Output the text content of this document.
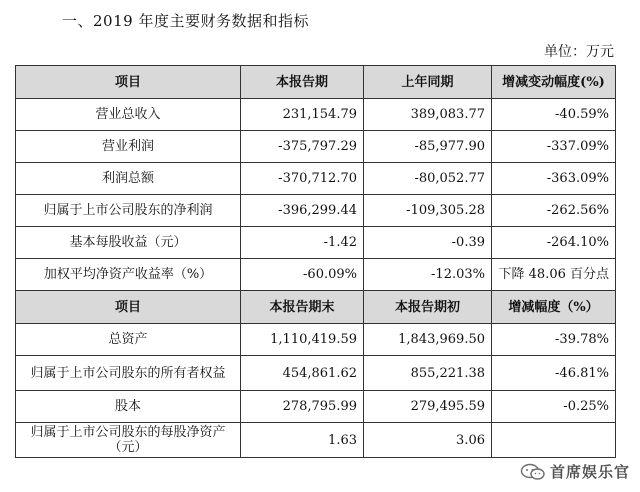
一、2019 年度主要财务数据和指标
单位：万元
项目	本报告期	上年同期	增减变动幅度(%)
营业总收入	231,154.79	389,083.77	-40.59%
营业利润	-375,797.29	-85,977.90	-337.09%
利润总额	-370,712.70	-80,052.77	-363.09%
归属于上市公司股东的净利润	-396,299.44	-109,305.28	-262.56%
基本每股收益（元）	-1.42	-0.39	-264.10%
加权平均净资产收益率（%）	-60.09%	-12.03%	下降 48.06 百分点
项目	本报告期末	本报告期初	增减幅度（%）
总资产	1,110,419.59	1,843,969.50	-39.78%
归属于上市公司股东的所有者权益	454,861.62	855,221.38	-46.81%
股本	278,795.99	279,495.59	-0.25%
归属于上市公司股东的每股净资产（元）	1.63	3.06	
首席娱乐官
